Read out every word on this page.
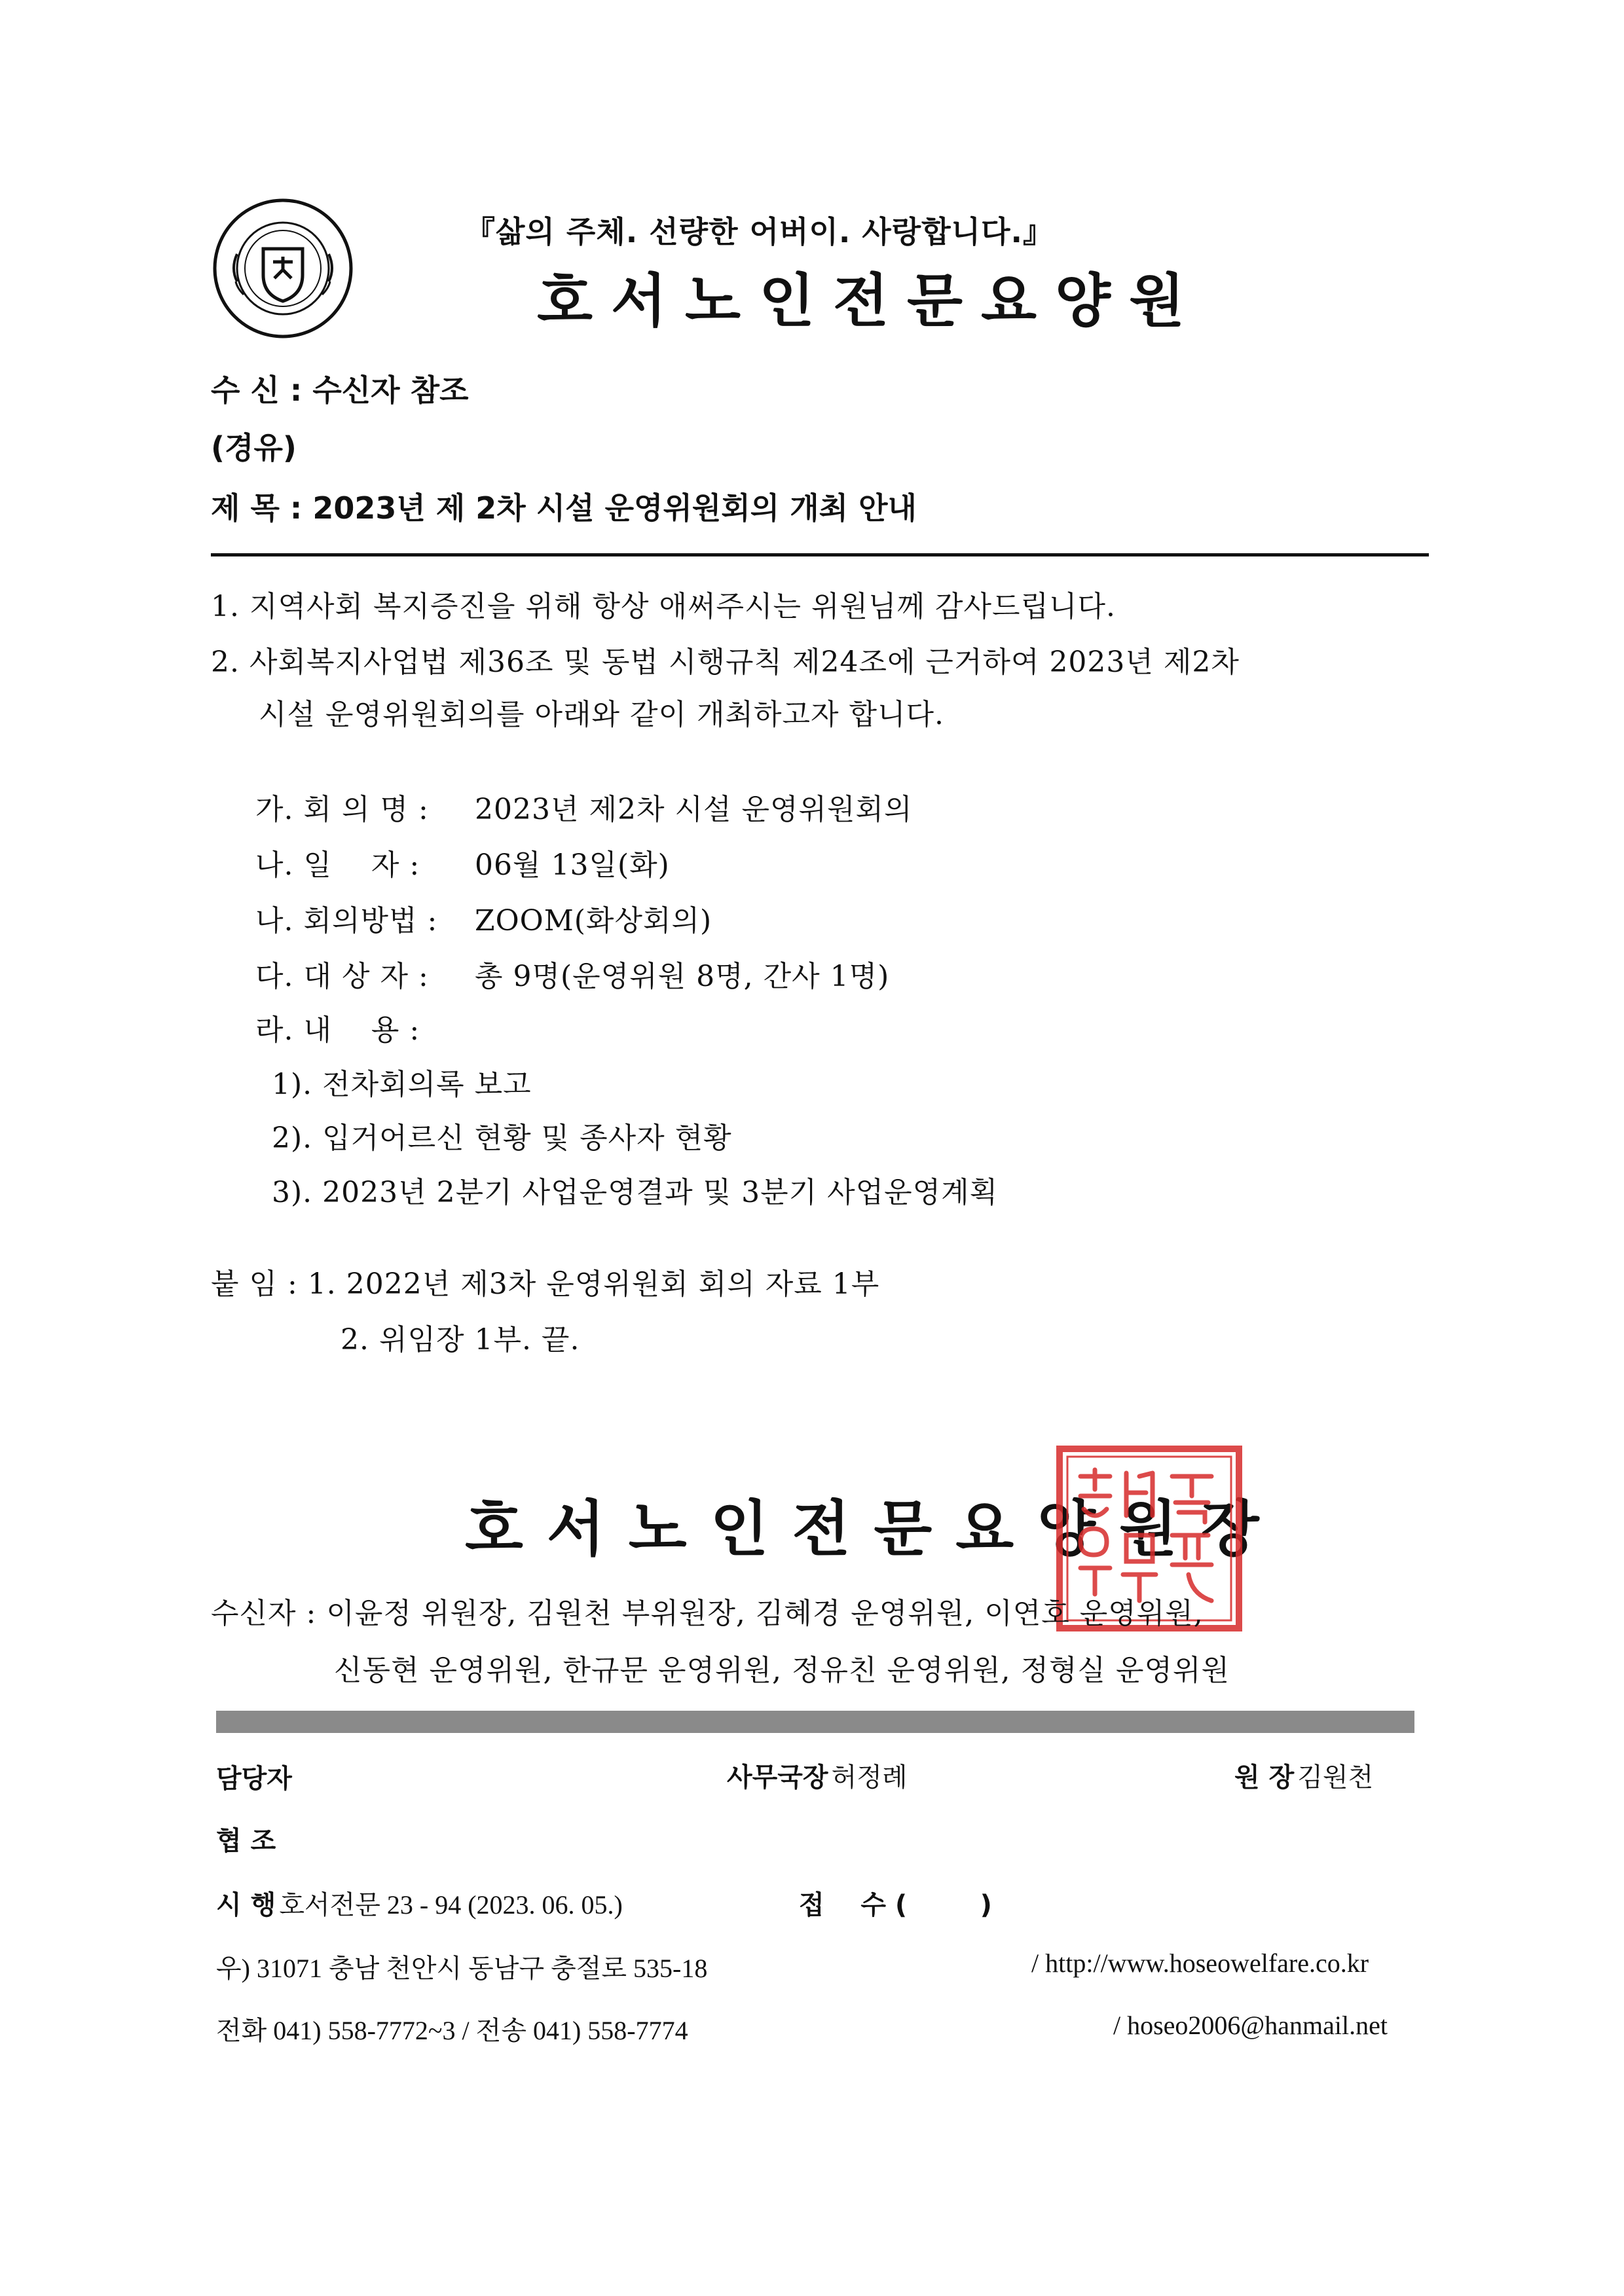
『삶의 주체. 선량한 어버이. 사랑합니다.』
호서노인전문요양원
수 신 : 수신자 참조
(경유)
제 목 : 2023년 제 2차 시설 운영위원회의 개최 안내
1. 지역사회 복지증진을 위해 항상 애써주시는 위원님께 감사드립니다.
2. 사회복지사업법 제36조 및 동법 시행규칙 제24조에 근거하여 2023년 제2차
시설 운영위원회의를 아래와 같이 개최하고자 합니다.
가. 회 의 명 : 2023년 제2차 시설 운영위원회의
나. 일    자 : 06월 13일(화)
나. 회의방법 : ZOOM(화상회의)
다. 대 상 자 : 총 9명(운영위원 8명, 간사 1명)
라. 내    용 :
1). 전차회의록 보고
2). 입거어르신 현황 및 종사자 현황
3). 2023년 2분기 사업운영결과 및 3분기 사업운영계획
붙 임 : 1. 2022년 제3차 운영위원회 회의 자료 1부
2. 위임장 1부. 끝.
호서노인전문요양원장
수신자 : 이윤정 위원장, 김원천 부위원장, 김혜경 운영위원, 이연호 운영위원,
신동현 운영위원, 한규문 운영위원, 정유친 운영위원, 정형실 운영위원
담당자	사무국장 허정례	원 장 김원천
협 조
시 행 호서전문 23 - 94 (2023. 06. 05.)	접    수 (        )
우) 31071 충남 천안시 동남구 충절로 535-18	/ http://www.hoseowelfare.co.kr
전화 041) 558-7772~3 / 전송 041) 558-7774	/ hoseo2006@hanmail.net
